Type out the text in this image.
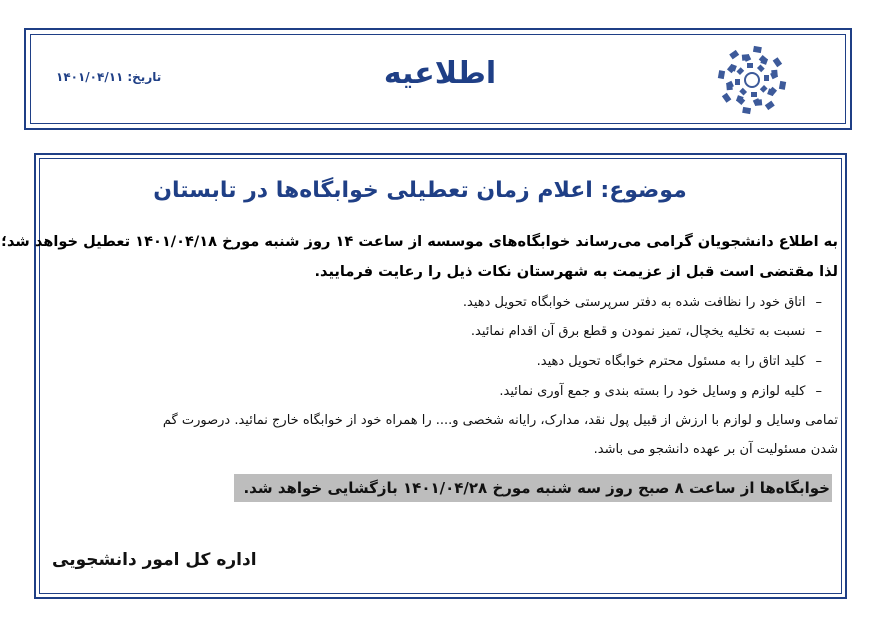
اطلاعیه
تاریخ:۱۴۰۱/۰۴/۱۱
موضوع: اعلام زمان تعطیلی خوابگاه‌ها در تابستان
به اطلاع دانشجویان گرامی می‌رساند خوابگاه‌های موسسه از ساعت ۱۴ روز شنبه مورخ ۱۴۰۱/۰۴/۱۸ تعطیل خواهد شد؛
لذا مقتضی است قبل از عزیمت به شهرستان نکات ذیل را رعایت فرمایید.
–اتاق خود را نظافت شده به دفتر سرپرستی خوابگاه تحویل دهید.
–نسبت به تخلیه یخچال، تمیز نمودن و قطع برق آن اقدام نمائید.
–کلید اتاق را به مسئول محترم خوابگاه تحویل دهید.
–کلیه لوازم و وسایل خود را بسته بندی و جمع آوری نمائید.
تمامی وسایل و لوازم با ارزش از قبیل پول نقد، مدارک، رایانه شخصی و.... را همراه خود از خوابگاه خارج نمائید. درصورت گم
شدن مسئولیت آن بر عهده دانشجو می باشد.
خوابگاه‌ها از ساعت ۸ صبح روز سه شنبه مورخ ۱۴۰۱/۰۴/۲۸ بازگشایی خواهد شد.
اداره کل امور دانشجویی
